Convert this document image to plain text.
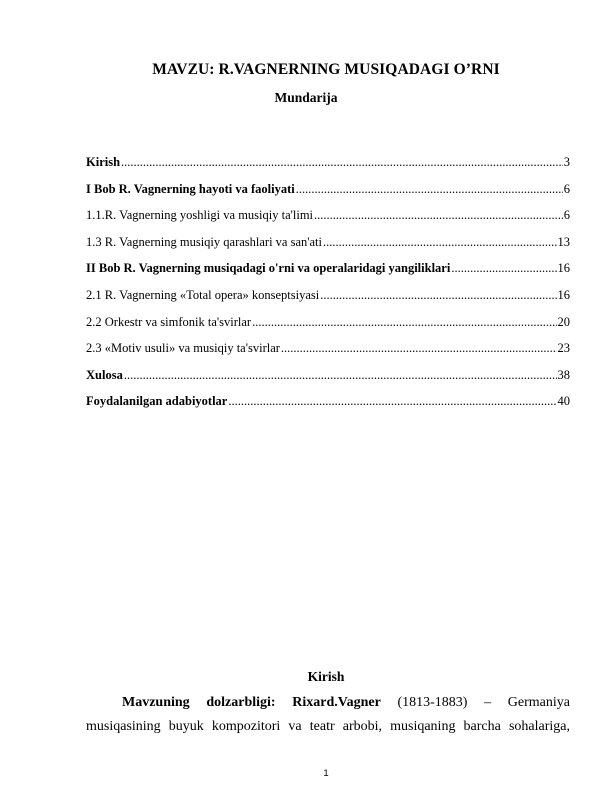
MAVZU: R.VAGNERNING MUSIQADAGI O’RNI
Mundarija
Kirish .....	3
I Bob R. Vagnerning hayoti va faoliyati .....	6
1.1.R. Vagnerning yoshligi va musiqiy ta'limi .....	6
1.3 R. Vagnerning musiqiy qarashlari va san'ati .....	13
II Bob R. Vagnerning musiqadagi o'rni va operalaridagi yangiliklari .....	16
2.1 R. Vagnerning «Total opera» konseptsiyasi .....	16
2.2 Orkestr va simfonik ta'svirlar .....	20
2.3 «Motiv usuli» va musiqiy ta'svirlar .....	23
Xulosa .....	38
Foydalanilgan adabiyotlar .....	40
Kirish
Mavzuning dolzarbligi: Rixard.Vagner (1813-1883) – Germaniya
musiqasining buyuk kompozitori va teatr arbobi, musiqaning barcha sohalariga,
1
